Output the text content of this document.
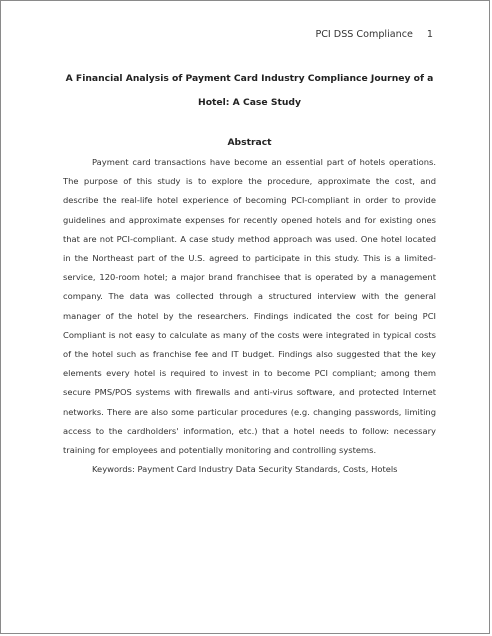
PCI DSS Compliance 1

A Financial Analysis of Payment Card Industry Compliance Journey of a Hotel: A Case Study

Abstract

Payment card transactions have become an essential part of hotels operations. The purpose of this study is to explore the procedure, approximate the cost, and describe the real-life hotel experience of becoming PCI-compliant in order to provide guidelines and approximate expenses for recently opened hotels and for existing ones that are not PCI-compliant. A case study method approach was used. One hotel located in the Northeast part of the U.S. agreed to participate in this study. This is a limited-service, 120-room hotel; a major brand franchisee that is operated by a management company. The data was collected through a structured interview with the general manager of the hotel by the researchers. Findings indicated the cost for being PCI Compliant is not easy to calculate as many of the costs were integrated in typical costs of the hotel such as franchise fee and IT budget. Findings also suggested that the key elements every hotel is required to invest in to become PCI compliant; among them secure PMS/POS systems with firewalls and anti-virus software, and protected Internet networks. There are also some particular procedures (e.g. changing passwords, limiting access to the cardholders' information, etc.) that a hotel needs to follow: necessary training for employees and potentially monitoring and controlling systems.

Keywords: Payment Card Industry Data Security Standards, Costs, Hotels
